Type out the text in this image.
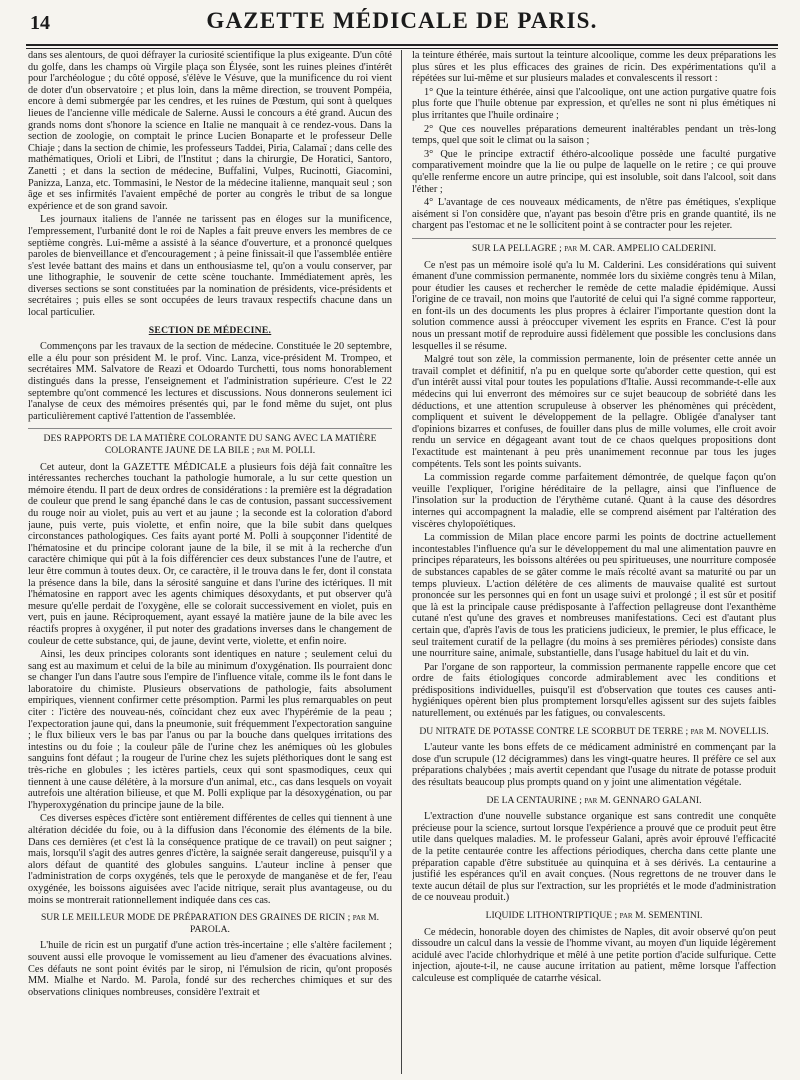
14	GAZETTE MÉDICALE DE PARIS.

dans ses alentours, de quoi défrayer la curiosité scientifique la plus exigeante. D'un côté du golfe, dans les champs où Virgile plaça son Élysée, sont les ruines pleines d'intérêt pour l'archéologue ; du côté opposé, s'élève le Vésuve, que la munificence du roi vient de doter d'un observatoire ; et plus loin, dans la même direction, se trouvent Pompéia, encore à demi submergée par les cendres, et les ruines de Pœstum, qui sont à quelques lieues de l'ancienne ville médicale de Salerne. Aussi le concours a été grand. Aucun des grands noms dont s'honore la science en Italie ne manquait à ce rendez-vous. Dans la section de zoologie, on comptait le prince Lucien Bonaparte et le professeur Delle Chiaje ; dans la section de chimie, les professeurs Taddei, Piria, Calamaï ; dans celle des mathématiques, Orioli et Libri, de l'Institut ; dans la chirurgie, De Horatici, Santoro, Zanetti ; et dans la section de médecine, Buffalini, Vulpes, Rucinotti, Giacomini, Panizza, Lanza, etc. Tommasini, le Nestor de la médecine italienne, manquait seul ; son âge et ses infirmités l'avaient empêché de porter au congrès le tribut de sa longue expérience et de son grand savoir.

Les journaux italiens de l'année ne tarissent pas en éloges sur la munificence, l'empressement, l'urbanité dont le roi de Naples a fait preuve envers les membres de ce septième congrès. Lui-même a assisté à la séance d'ouverture, et a prononcé quelques paroles de bienveillance et d'encouragement ; à peine finissait-il que l'assemblée entière s'est levée battant des mains et dans un enthousiasme tel, qu'on a voulu conserver, par une lithographie, le souvenir de cette scène touchante. Immédiatement après, les diverses sections se sont constituées par la nomination de présidents, vice-présidents et secrétaires ; puis elles se sont occupées de leurs travaux respectifs chacune dans un local particulier.

SECTION DE MÉDECINE.

Commençons par les travaux de la section de médecine. Constituée le 20 septembre, elle a élu pour son président M. le prof. Vinc. Lanza, vice-président M. Trompeo, et secrétaires MM. Salvatore de Reazi et Odoardo Turchetti, tous noms honorablement distingués dans la presse, l'enseignement et l'administration supérieure. C'est le 22 septembre qu'ont commencé les lectures et discussions. Nous donnerons seulement ici l'analyse de ceux des mémoires présentés qui, par le fond même du sujet, ont plus particulièrement captivé l'attention de l'assemblée.

DES RAPPORTS DE LA MATIÈRE COLORANTE DU SANG AVEC LA MATIÈRE COLORANTE JAUNE DE LA BILE ; par M. POLLI.

Cet auteur, dont la GAZETTE MÉDICALE a plusieurs fois déjà fait connaître les intéressantes recherches touchant la pathologie humorale, a lu sur cette question un mémoire étendu. Il part de deux ordres de considérations : la première est la dégradation de couleur que prend le sang épanché dans le cas de contusion, passant successivement du rouge noir au violet, puis au vert et au jaune ; la seconde est la coloration d'abord jaune, puis verte, puis violette, et enfin noire, que la bile subit dans quelques circonstances pathologiques. Ces faits ayant porté M. Polli à soupçonner l'identité de l'hématosine et du principe colorant jaune de la bile, il se mit à la recherche d'un caractère chimique qui pût à la fois différencier ces deux substances l'une de l'autre, et leur être commun à toutes deux. Or, ce caractère, il le trouva dans le fer, dont il constata la présence dans la bile, dans la sérosité sanguine et dans l'urine des ictériques. Il mit l'hématosine en rapport avec les agents chimiques désoxydants, et put observer qu'à mesure qu'elle perdait de l'oxygène, elle se colorait successivement en violet, puis en vert, puis en jaune. Réciproquement, ayant essayé la matière jaune de la bile avec les réactifs propres à oxygéner, il put noter des gradations inverses dans le changement de couleur de cette substance, qui, de jaune, devint verte, violette, et enfin noire.

Ainsi, les deux principes colorants sont identiques en nature ; seulement celui du sang est au maximum et celui de la bile au minimum d'oxygénation. Ils pourraient donc se changer l'un dans l'autre sous l'empire de l'influence vitale, comme ils le font dans le laboratoire du chimiste. Plusieurs observations de pathologie, faits absolument empiriques, viennent confirmer cette présomption. Parmi les plus remarquables on peut citer : l'ictère des nouveau-nés, coïncidant chez eux avec l'hypérémie de la peau ; l'expectoration jaune qui, dans la pneumonie, suit fréquemment l'expectoration sanguine ; le flux bilieux vers le bas par l'anus ou par la bouche dans quelques irritations des intestins ou du foie ; la couleur pâle de l'urine chez les anémiques où les globules sanguins font défaut ; la rougeur de l'urine chez les sujets pléthoriques dont le sang est très-riche en globules ; les ictères partiels, ceux qui sont spasmodiques, ceux qui tiennent à une cause délétère, à la morsure d'un animal, etc., cas dans lesquels on voyait autrefois une altération bilieuse, et que M. Polli explique par la désoxygénation, ou par l'hyperoxygénation du principe jaune de la bile.

Ces diverses espèces d'ictère sont entièrement différentes de celles qui tiennent à une altération décidée du foie, ou à la diffusion dans l'économie des éléments de la bile. Dans ces dernières (et c'est là la conséquence pratique de ce travail) on peut saigner ; mais, lorsqu'il s'agit des autres genres d'ictère, la saignée serait dangereuse, puisqu'il y a alors défaut de quantité des globules sanguins. L'auteur incline à penser que l'administration de corps oxygénés, tels que le peroxyde de manganèse et de fer, l'eau oxygénée, les boissons aiguisées avec l'acide nitrique, serait plus avantageuse, ou du moins se montrerait rationnellement indiquée dans ces cas.

SUR LE MEILLEUR MODE DE PRÉPARATION DES GRAINES DE RICIN ; par M. PAROLA.

L'huile de ricin est un purgatif d'une action très-incertaine ; elle s'altère facilement ; souvent aussi elle provoque le vomissement au lieu d'amener des évacuations alvines. Ces défauts ne sont point évités par le sirop, ni l'émulsion de ricin, qu'ont proposés MM. Mialhe et Nardo. M. Parola, fondé sur des recherches chimiques et sur des observations cliniques nombreuses, considère l'extrait et

la teinture éthérée, mais surtout la teinture alcoolique, comme les deux préparations les plus sûres et les plus efficaces des graines de ricin. Des expérimentations qu'il a répétées sur lui-même et sur plusieurs malades et convalescents il ressort :

1° Que la teinture éthérée, ainsi que l'alcoolique, ont une action purgative quatre fois plus forte que l'huile obtenue par expression, et qu'elles ne sont ni plus émétiques ni plus irritantes que l'huile ordinaire ;

2° Que ces nouvelles préparations demeurent inaltérables pendant un très-long temps, quel que soit le climat ou la saison ;

3° Que le principe extractif éthéro-alcoolique possède une faculté purgative comparativement moindre que la lie ou pulpe de laquelle on le retire ; ce qui prouve qu'elle renferme encore un autre principe, qui est insoluble, soit dans l'alcool, soit dans l'éther ;

4° L'avantage de ces nouveaux médicaments, de n'être pas émétiques, s'explique aisément si l'on considère que, n'ayant pas besoin d'être pris en grande quantité, ils ne chargent pas l'estomac et ne le sollicitent point à se contracter pour les rejeter.

SUR LA PELLAGRE ; par M. CAR. AMPELIO CALDERINI.

Ce n'est pas un mémoire isolé qu'a lu M. Calderini. Les considérations qui suivent émanent d'une commission permanente, nommée lors du sixième congrès tenu à Milan, pour étudier les causes et rechercher le remède de cette maladie épidémique. Aussi l'origine de ce travail, non moins que l'autorité de celui qui l'a signé comme rapporteur, en font-ils un des documents les plus propres à éclairer l'importante question dont la solution commence aussi à préoccuper vivement les esprits en France. C'est là pour nous un pressant motif de reproduire aussi fidèlement que possible les conclusions dans lesquelles il se résume.

Malgré tout son zèle, la commission permanente, loin de présenter cette année un travail complet et définitif, n'a pu en quelque sorte qu'aborder cette question, qui est d'un intérêt aussi vital pour toutes les populations d'Italie. Aussi recommande-t-elle aux médecins qui lui enverront des mémoires sur ce sujet beaucoup de sobriété dans les déductions, et une attention scrupuleuse à observer les phénomènes qui précèdent, compliquent et suivent le développement de la pellagre. Obligée d'analyser tant d'opinions bizarres et confuses, de fouiller dans plus de mille volumes, elle croit avoir rendu un service en dégageant avant tout de ce chaos quelques propositions dont l'exactitude est maintenant à peu près unanimement reconnue par tous les juges compétents. Tels sont les points suivants.

La commission regarde comme parfaitement démontrée, de quelque façon qu'on veuille l'expliquer, l'origine héréditaire de la pellagre, ainsi que l'influence de l'insolation sur la production de l'érythème cutané. Quant à la cause des désordres internes qui accompagnent la maladie, elle se comprend aisément par l'altération des viscères chylopoïétiques.

La commission de Milan place encore parmi les points de doctrine actuellement incontestables l'influence qu'a sur le développement du mal une alimentation pauvre en principes réparateurs, les boissons altérées ou peu spiritueuses, une nourriture composée de substances capables de se gâter comme le maïs récolté avant sa maturité ou par un temps pluvieux. L'action délétère de ces aliments de mauvaise qualité est surtout prononcée sur les personnes qui en font un usage suivi et prolongé ; il est sûr et positif que là est la principale cause prédisposante à l'affection pellagreuse dont l'exanthème cutané n'est qu'une des graves et nombreuses manifestations. Ceci est d'autant plus certain que, d'après l'avis de tous les praticiens judicieux, le premier, le plus efficace, le seul traitement curatif de la pellagre (du moins à ses premières périodes) consiste dans une nourriture saine, animale, substantielle, dans l'usage habituel du lait et du vin.

Par l'organe de son rapporteur, la commission permanente rappelle encore que cet ordre de faits étiologiques concorde admirablement avec les conditions et prédispositions individuelles, puisqu'il est d'observation que toutes ces causes anti-hygiéniques opèrent bien plus promptement lorsqu'elles agissent sur des sujets faibles naturellement, ou exténués par les fatigues, ou convalescents.

DU NITRATE DE POTASSE CONTRE LE SCORBUT DE TERRE ; par M. NOVELLIS.

L'auteur vante les bons effets de ce médicament administré en commençant par la dose d'un scrupule (12 décigrammes) dans les vingt-quatre heures. Il préfère ce sel aux préparations chalybées ; mais avertit cependant que l'usage du nitrate de potasse produit des résultats beaucoup plus prompts quand on y joint une alimentation végétale.

DE LA CENTAURINE ; par M. GENNARO GALANI.

L'extraction d'une nouvelle substance organique est sans contredit une conquête précieuse pour la science, surtout lorsque l'expérience a prouvé que ce produit peut être utile dans quelques maladies. M. le professeur Galani, après avoir éprouvé l'efficacité de la petite centaurée contre les affections périodiques, chercha dans cette plante une préparation capable d'être substituée au quinquina et à ses dérivés. La centaurine a justifié les espérances qu'il en avait conçues. (Nous regrettons de ne trouver dans le texte aucun détail de plus sur l'extraction, sur les propriétés et le mode d'administration de ce nouveau produit.)

LIQUIDE LITHONTRIPTIQUE ; par M. SEMENTINI.

Ce médecin, honorable doyen des chimistes de Naples, dit avoir observé qu'on peut dissoudre un calcul dans la vessie de l'homme vivant, au moyen d'un liquide légèrement acidulé avec l'acide chlorhydrique et mêlé à une petite portion d'acide sulfurique. Cette injection, ajoute-t-il, ne cause aucune irritation au patient, même lorsque l'affection calculeuse est compliquée de catarrhe vésical.
